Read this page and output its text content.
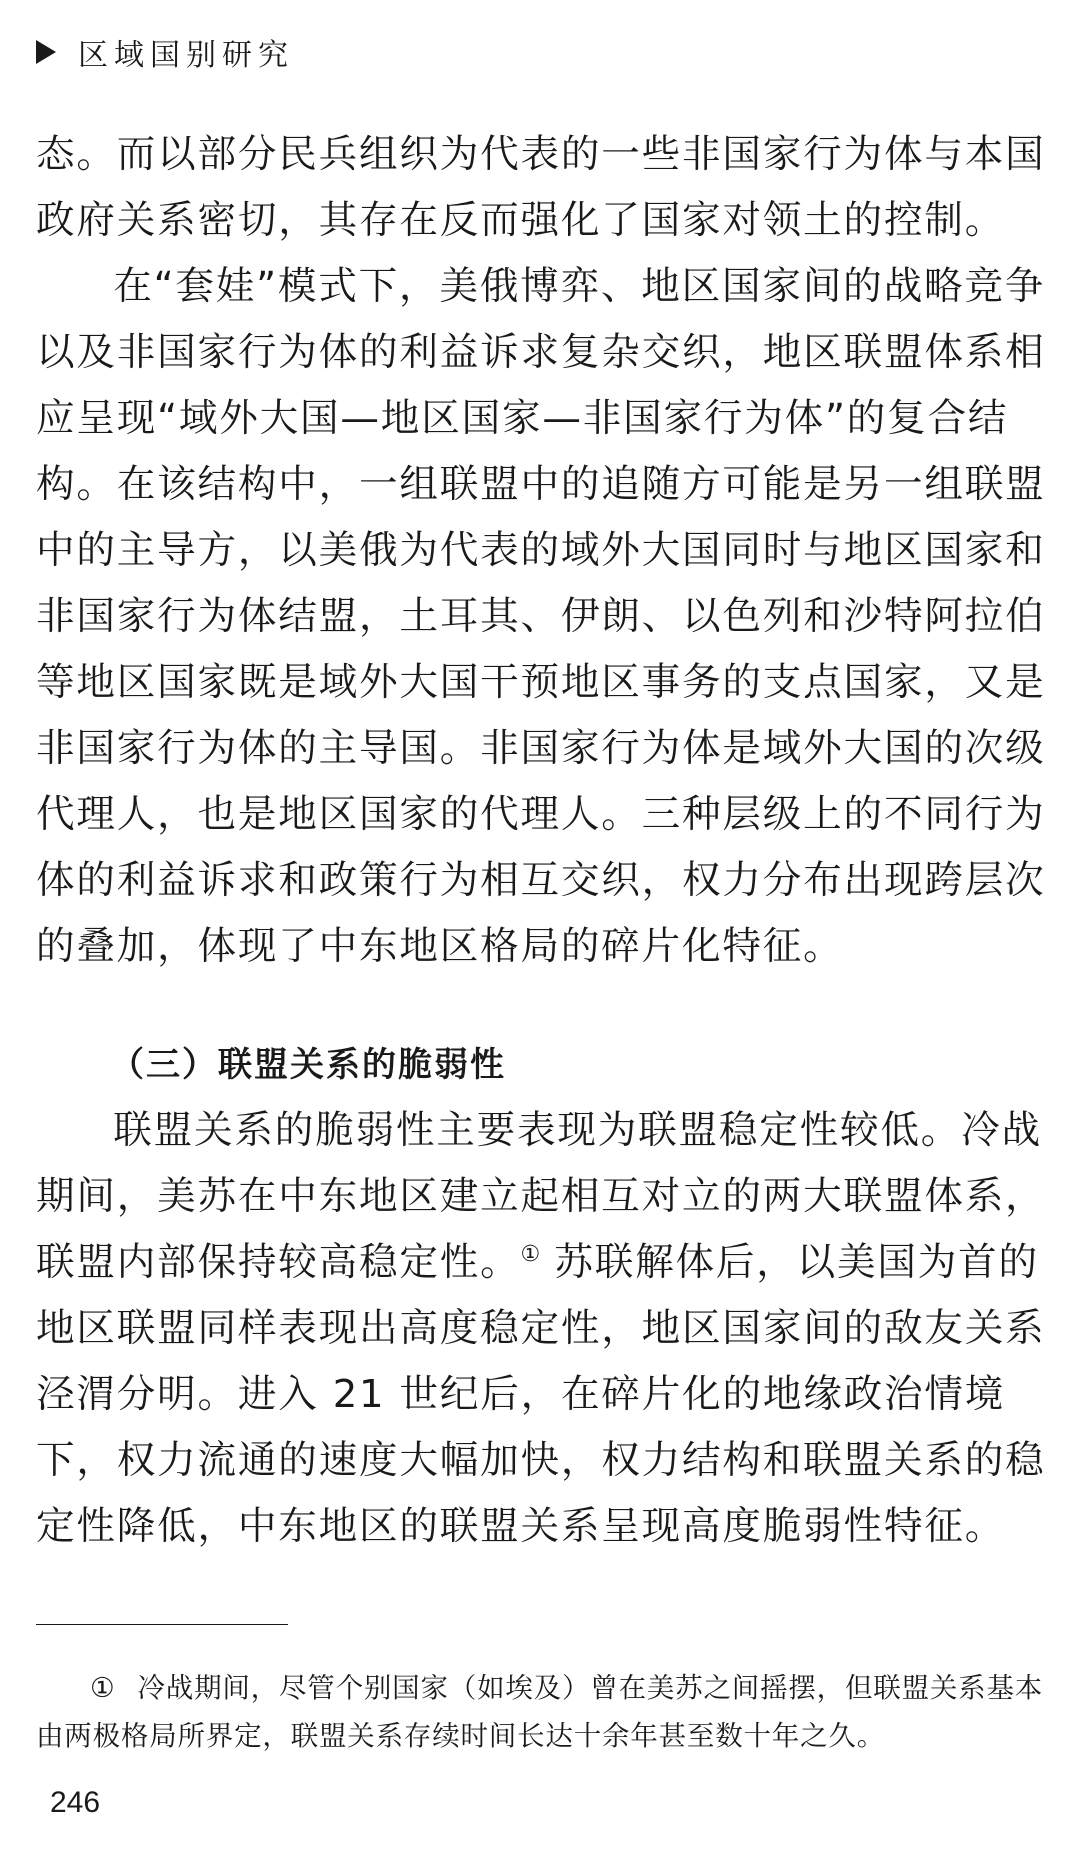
区域国别研究

态。而以部分民兵组织为代表的一些非国家行为体与本国政府关系密切，其存在反而强化了国家对领土的控制。

在“套娃”模式下，美俄博弈、地区国家间的战略竞争以及非国家行为体的利益诉求复杂交织，地区联盟体系相应呈现“域外大国—地区国家—非国家行为体”的复合结构。在该结构中，一组联盟中的追随方可能是另一组联盟中的主导方，以美俄为代表的域外大国同时与地区国家和非国家行为体结盟，土耳其、伊朗、以色列和沙特阿拉伯等地区国家既是域外大国干预地区事务的支点国家，又是非国家行为体的主导国。非国家行为体是域外大国的次级代理人，也是地区国家的代理人。三种层级上的不同行为体的利益诉求和政策行为相互交织，权力分布出现跨层次的叠加，体现了中东地区格局的碎片化特征。

（三）联盟关系的脆弱性

联盟关系的脆弱性主要表现为联盟稳定性较低。冷战期间，美苏在中东地区建立起相互对立的两大联盟体系，联盟内部保持较高稳定性。① 苏联解体后，以美国为首的地区联盟同样表现出高度稳定性，地区国家间的敌友关系泾渭分明。进入 21 世纪后，在碎片化的地缘政治情境下，权力流通的速度大幅加快，权力结构和联盟关系的稳定性降低，中东地区的联盟关系呈现高度脆弱性特征。

① 冷战期间，尽管个别国家（如埃及）曾在美苏之间摇摆，但联盟关系基本由两极格局所界定，联盟关系存续时间长达十余年甚至数十年之久。
246
